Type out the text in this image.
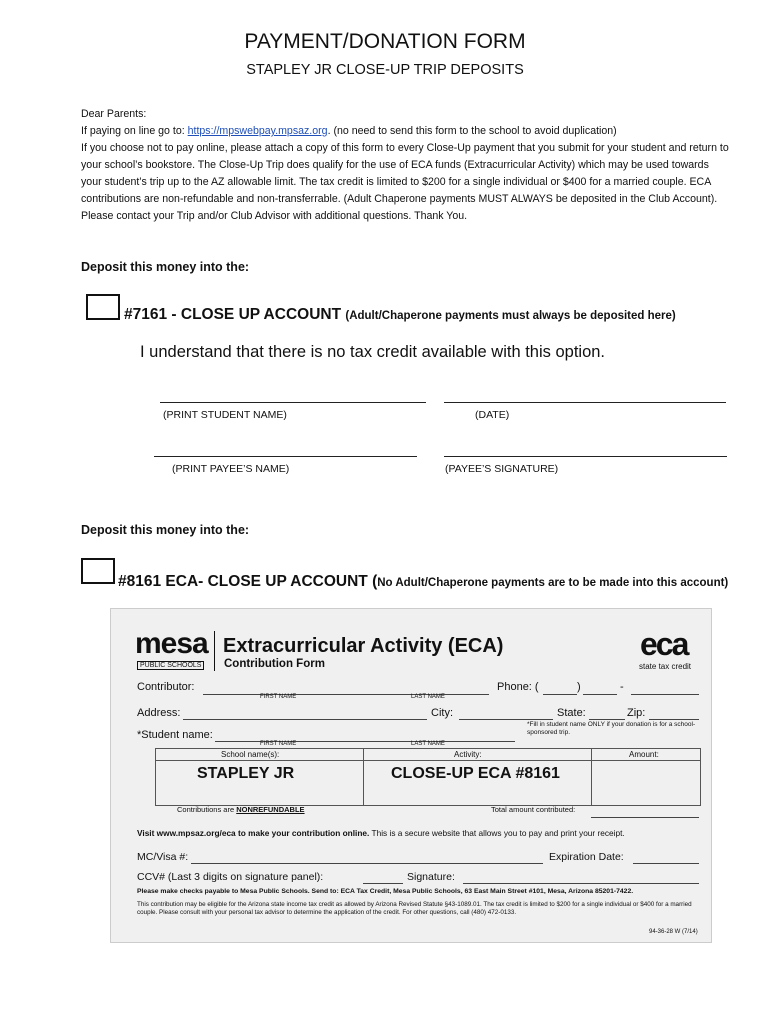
PAYMENT/DONATION FORM
STAPLEY JR CLOSE-UP TRIP DEPOSITS
Dear Parents:
If paying on line go to: https://mpswebpay.mpsaz.org. (no need to send this form to the school to avoid duplication)
If you choose not to pay online, please attach a copy of this form to every Close-Up payment that you submit for your student and return to your school’s bookstore. The Close-Up Trip does qualify for the use of ECA funds (Extracurricular Activity) which may be used towards your student’s trip up to the AZ allowable limit. The tax credit is limited to $200 for a single individual or $400 for a married couple. ECA contributions are non-refundable and non-transferrable. (Adult Chaperone payments MUST ALWAYS be deposited in the Club Account). Please contact your Trip and/or Club Advisor with additional questions. Thank You.
Deposit this money into the:
#7161 - CLOSE UP ACCOUNT (Adult/Chaperone payments must always be deposited here)
I understand that there is no tax credit available with this option.
(PRINT STUDENT NAME)	(DATE)
(PRINT PAYEE’S NAME)	(PAYEE’S SIGNATURE)
Deposit this money into the:
#8161 ECA- CLOSE UP ACCOUNT (No Adult/Chaperone payments are to be made into this account)
mesa
PUBLIC SCHOOLS
Extracurricular Activity (ECA)
Contribution Form
eca
state tax credit
Contributor:
FIRST NAME	LAST NAME
Phone: (	)	-
Address:	City:	State:	Zip:
*Fill in student name ONLY if your donation is for a school-sponsored trip.
*Student name:
FIRST NAME	LAST NAME
School name(s):	Activity:	Amount:
STAPLEY JR	CLOSE-UP ECA #8161
Contributions are NONREFUNDABLE	Total amount contributed:
Visit www.mpsaz.org/eca to make your contribution online. This is a secure website that allows you to pay and print your receipt.
MC/Visa #:	Expiration Date:
CCV# (Last 3 digits on signature panel):	Signature:
Please make checks payable to Mesa Public Schools. Send to: ECA Tax Credit, Mesa Public Schools, 63 East Main Street #101, Mesa, Arizona 85201-7422.
This contribution may be eligible for the Arizona state income tax credit as allowed by Arizona Revised Statute §43-1089.01. The tax credit is limited to $200 for a single individual or $400 for a married couple. Please consult with your personal tax advisor to determine the application of the credit. For other questions, call (480) 472-0133.
94-36-28 W (7/14)
